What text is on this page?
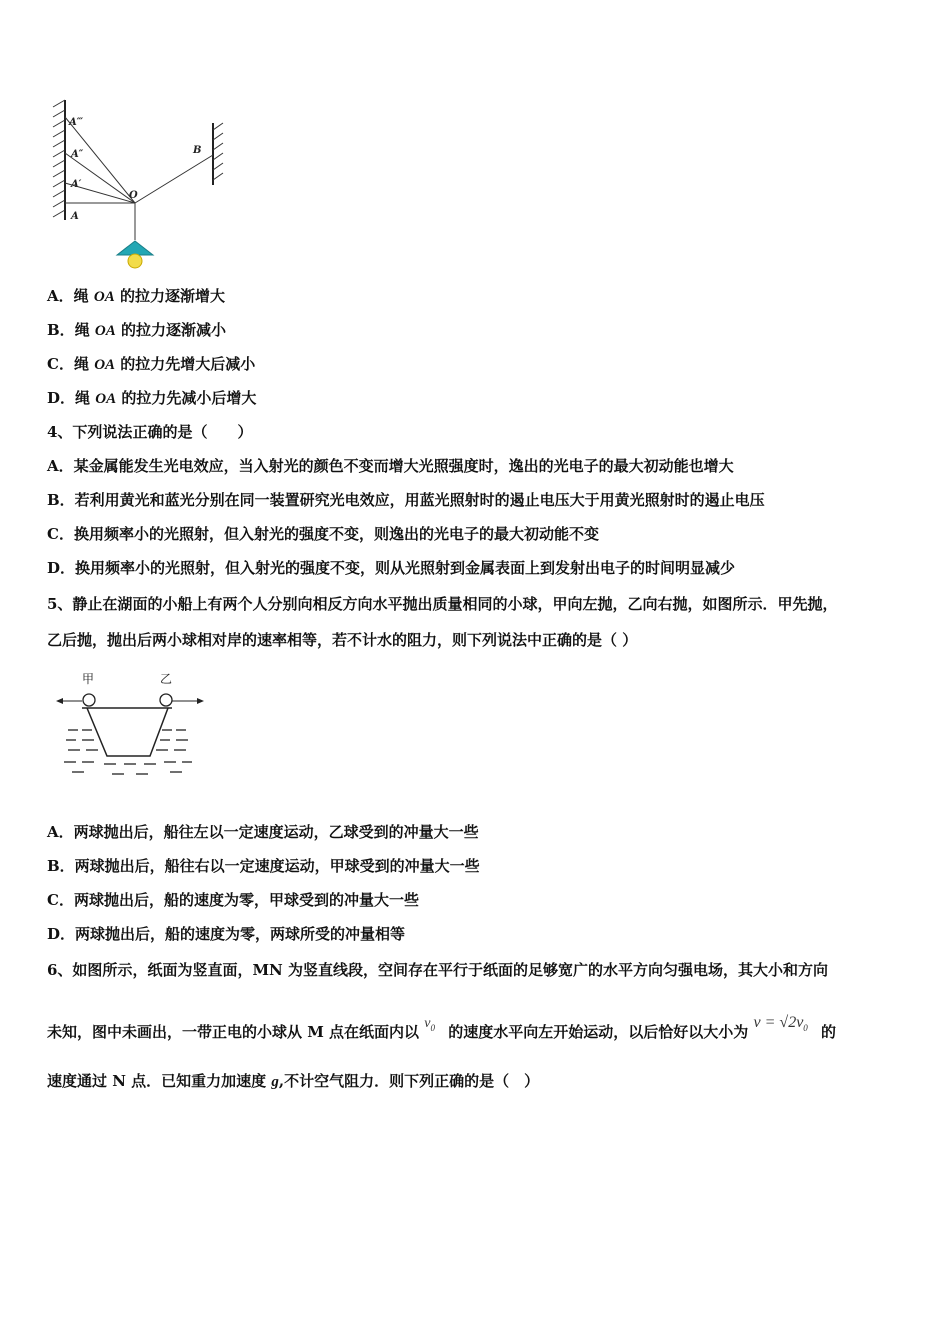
A‴
A″
A′
A
O
B
A．绳 OA 的拉力逐渐增大
B．绳 OA 的拉力逐渐减小
C．绳 OA 的拉力先增大后减小
D．绳 OA 的拉力先减小后增大
4、下列说法正确的是（　　）
A．某金属能发生光电效应，当入射光的颜色不变而增大光照强度时，逸出的光电子的最大初动能也增大
B．若利用黄光和蓝光分别在同一装置研究光电效应，用蓝光照射时的遏止电压大于用黄光照射时的遏止电压
C．换用频率小的光照射，但入射光的强度不变，则逸出的光电子的最大初动能不变
D．换用频率小的光照射，但入射光的强度不变，则从光照射到金属表面上到发射出电子的时间明显减少
5、静止在湖面的小船上有两个人分别向相反方向水平抛出质量相同的小球，甲向左抛，乙向右抛，如图所示．甲先抛，
乙后抛，抛出后两小球相对岸的速率相等，若不计水的阻力，则下列说法中正确的是（ ）
甲	乙
A．两球抛出后，船往左以一定速度运动，乙球受到的冲量大一些
B．两球抛出后，船往右以一定速度运动，甲球受到的冲量大一些
C．两球抛出后，船的速度为零，甲球受到的冲量大一些
D．两球抛出后，船的速度为零，两球所受的冲量相等
6、如图所示，纸面为竖直面，MN 为竖直线段，空间存在平行于纸面的足够宽广的水平方向匀强电场，其大小和方向
未知，图中未画出，一带正电的小球从 M 点在纸面内以 $v_0$ 的速度水平向左开始运动，以后恰好以大小为 $v = √2v_0$ 的
速度通过 N 点．已知重力加速度 g,不计空气阻力．则下列正确的是（　）
